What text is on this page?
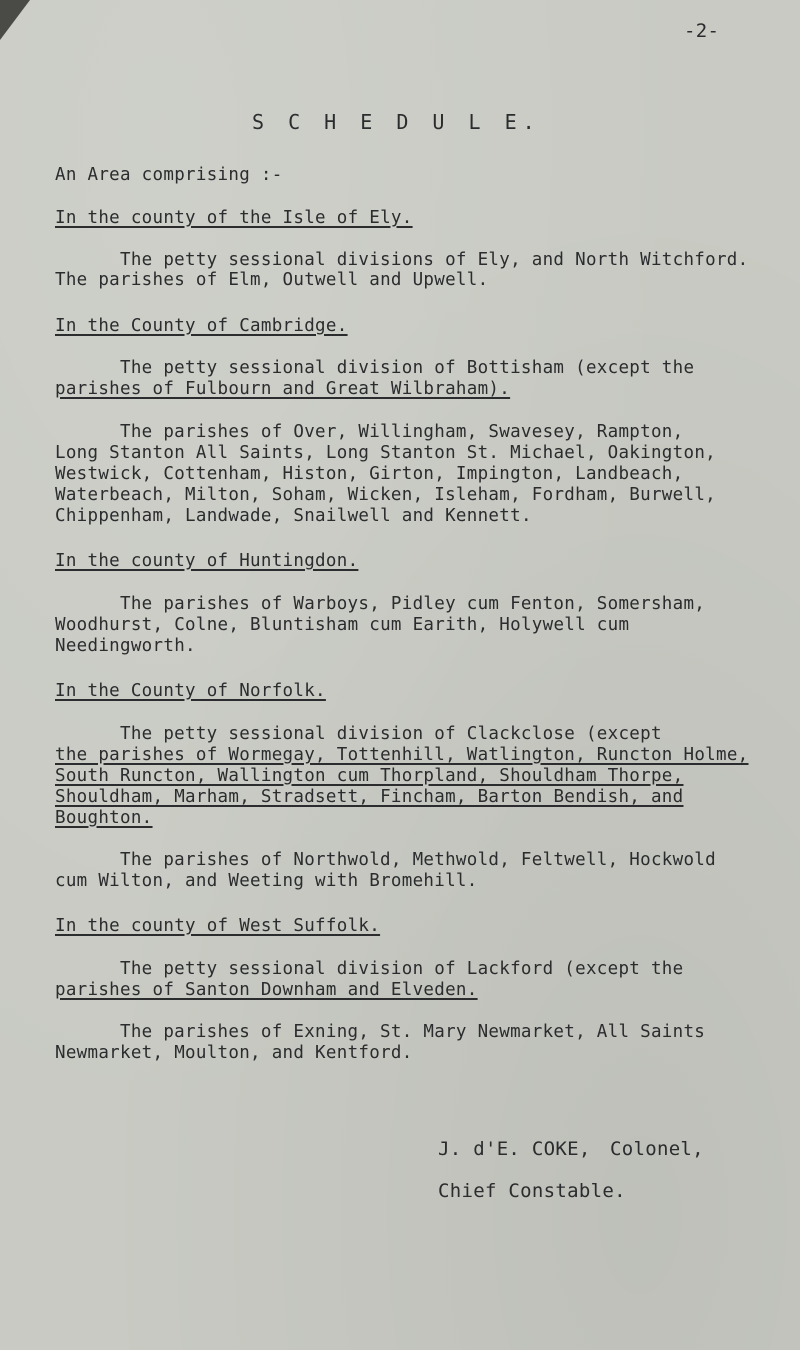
-2-
S C H E D U L E.
An Area comprising :-
In the county of the Isle of Ely.
The petty sessional divisions of Ely, and North Witchford.
The parishes of Elm, Outwell and Upwell.
In the County of Cambridge.
The petty sessional division of Bottisham (except the
parishes of Fulbourn and Great Wilbraham).
The parishes of Over, Willingham, Swavesey, Rampton,
Long Stanton All Saints, Long Stanton St. Michael, Oakington,
Westwick, Cottenham, Histon, Girton, Impington, Landbeach,
Waterbeach, Milton, Soham, Wicken, Isleham, Fordham, Burwell,
Chippenham, Landwade, Snailwell and Kennett.
In the county of Huntingdon.
The parishes of Warboys, Pidley cum Fenton, Somersham,
Woodhurst, Colne, Bluntisham cum Earith, Holywell cum
Needingworth.
In the County of Norfolk.
The petty sessional division of Clackclose (except
the parishes of Wormegay, Tottenhill, Watlington, Runcton Holme,
South Runcton, Wallington cum Thorpland, Shouldham Thorpe,
Shouldham, Marham, Stradsett, Fincham, Barton Bendish, and
Boughton.
The parishes of Northwold, Methwold, Feltwell, Hockwold
cum Wilton, and Weeting with Bromehill.
In the county of West Suffolk.
The petty sessional division of Lackford (except the
parishes of Santon Downham and Elveden.
The parishes of Exning, St. Mary Newmarket, All Saints
Newmarket, Moulton, and Kentford.
J. d'E. COKE, Colonel,
Chief Constable.
